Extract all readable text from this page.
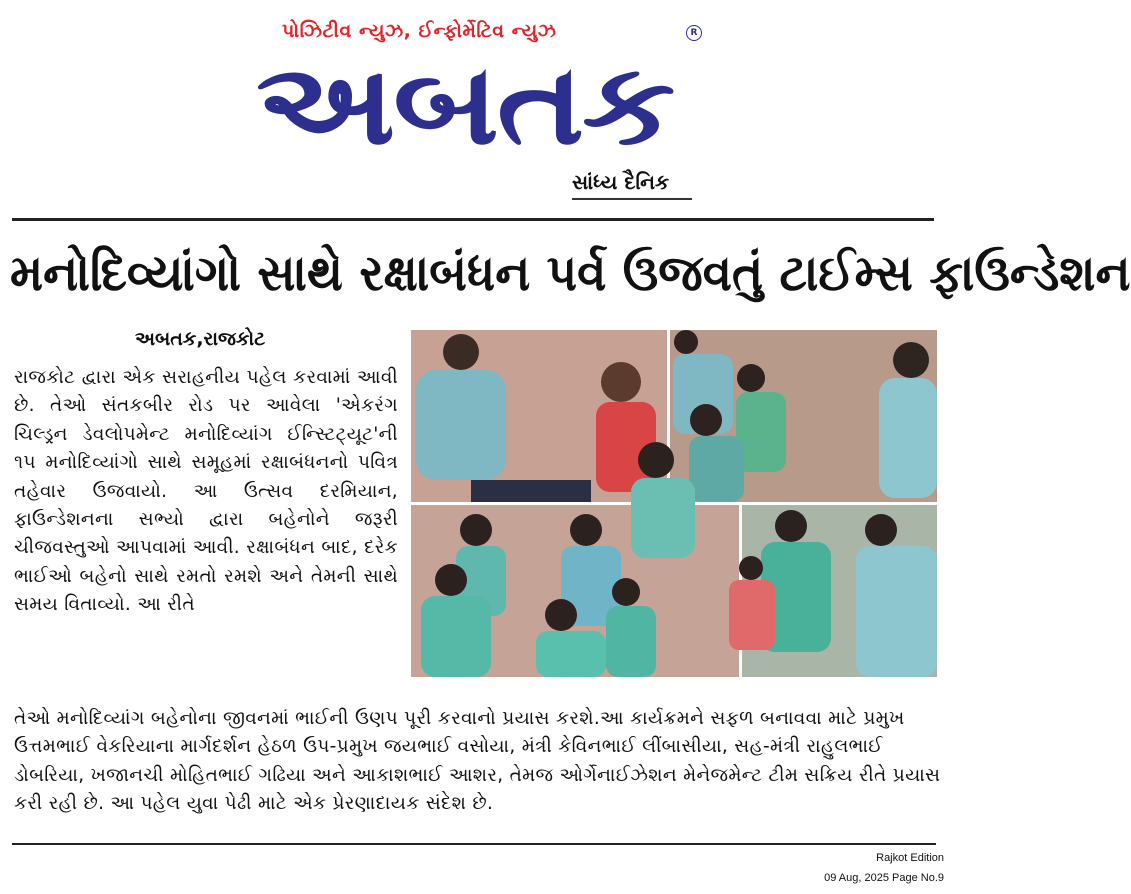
પોઝિટીવ ન્યુઝ, ઈન્ફોર્મેટિવ ન્યુઝ	R
અબતક
સાંધ્ય દૈનિક
મનોદિવ્યાંગો સાથે રક્ષાબંધન પર્વ ઉજવતું ટાઈમ્સ ફાઉન્ડેશન
અબતક,રાજકોટ
રાજકોટ દ્વારા એક સરાહનીય પહેલ કરવામાં આવી છે. તેઓ સંતકબીર રોડ પર આવેલા 'એકરંગ ચિલ્ડ્રન ડેવલોપમેન્ટ મનોદિવ્યાંગ ઈન્સ્ટિટ્યૂટ'ની ૧૫ મનોદિવ્યાંગો સાથે સમૂહમાં રક્ષાબંધનનો પવિત્ર તહેવાર ઉજવાયો. આ ઉત્સવ દરમિયાન, ફાઉન્ડેશનના સભ્યો દ્વારા બહેનોને જરૂરી ચીજવસ્તુઓ આપવામાં આવી. રક્ષાબંધન બાદ, દરેક ભાઈઓ બહેનો સાથે રમતો રમશે અને તેમની સાથે સમય વિતાવ્યો. આ રીતે
તેઓ મનોદિવ્યાંગ બહેનોના જીવનમાં ભાઈની ઉણપ પૂરી કરવાનો પ્રયાસ કરશે.આ કાર્યક્રમને સફળ બનાવવા માટે પ્રમુખ ઉત્તમભાઈ વેકરિયાના માર્ગદર્શન હેઠળ ઉપ-પ્રમુખ જયભાઈ વસોયા, મંત્રી કેવિનભાઈ લીંબાસીયા, સહ-મંત્રી રાહુલભાઈ ડોબરિયા, ખજાનચી મોહિતભાઈ ગઢિયા અને આકાશભાઈ આશર, તેમજ ઓર્ગેનાઈઝેશન મેનેજમેન્ટ ટીમ સક્રિય રીતે પ્રયાસ કરી રહી છે. આ પહેલ યુવા પેઢી માટે એક પ્રેરણાદાયક સંદેશ છે.
Rajkot Edition
09 Aug, 2025 Page No.9
